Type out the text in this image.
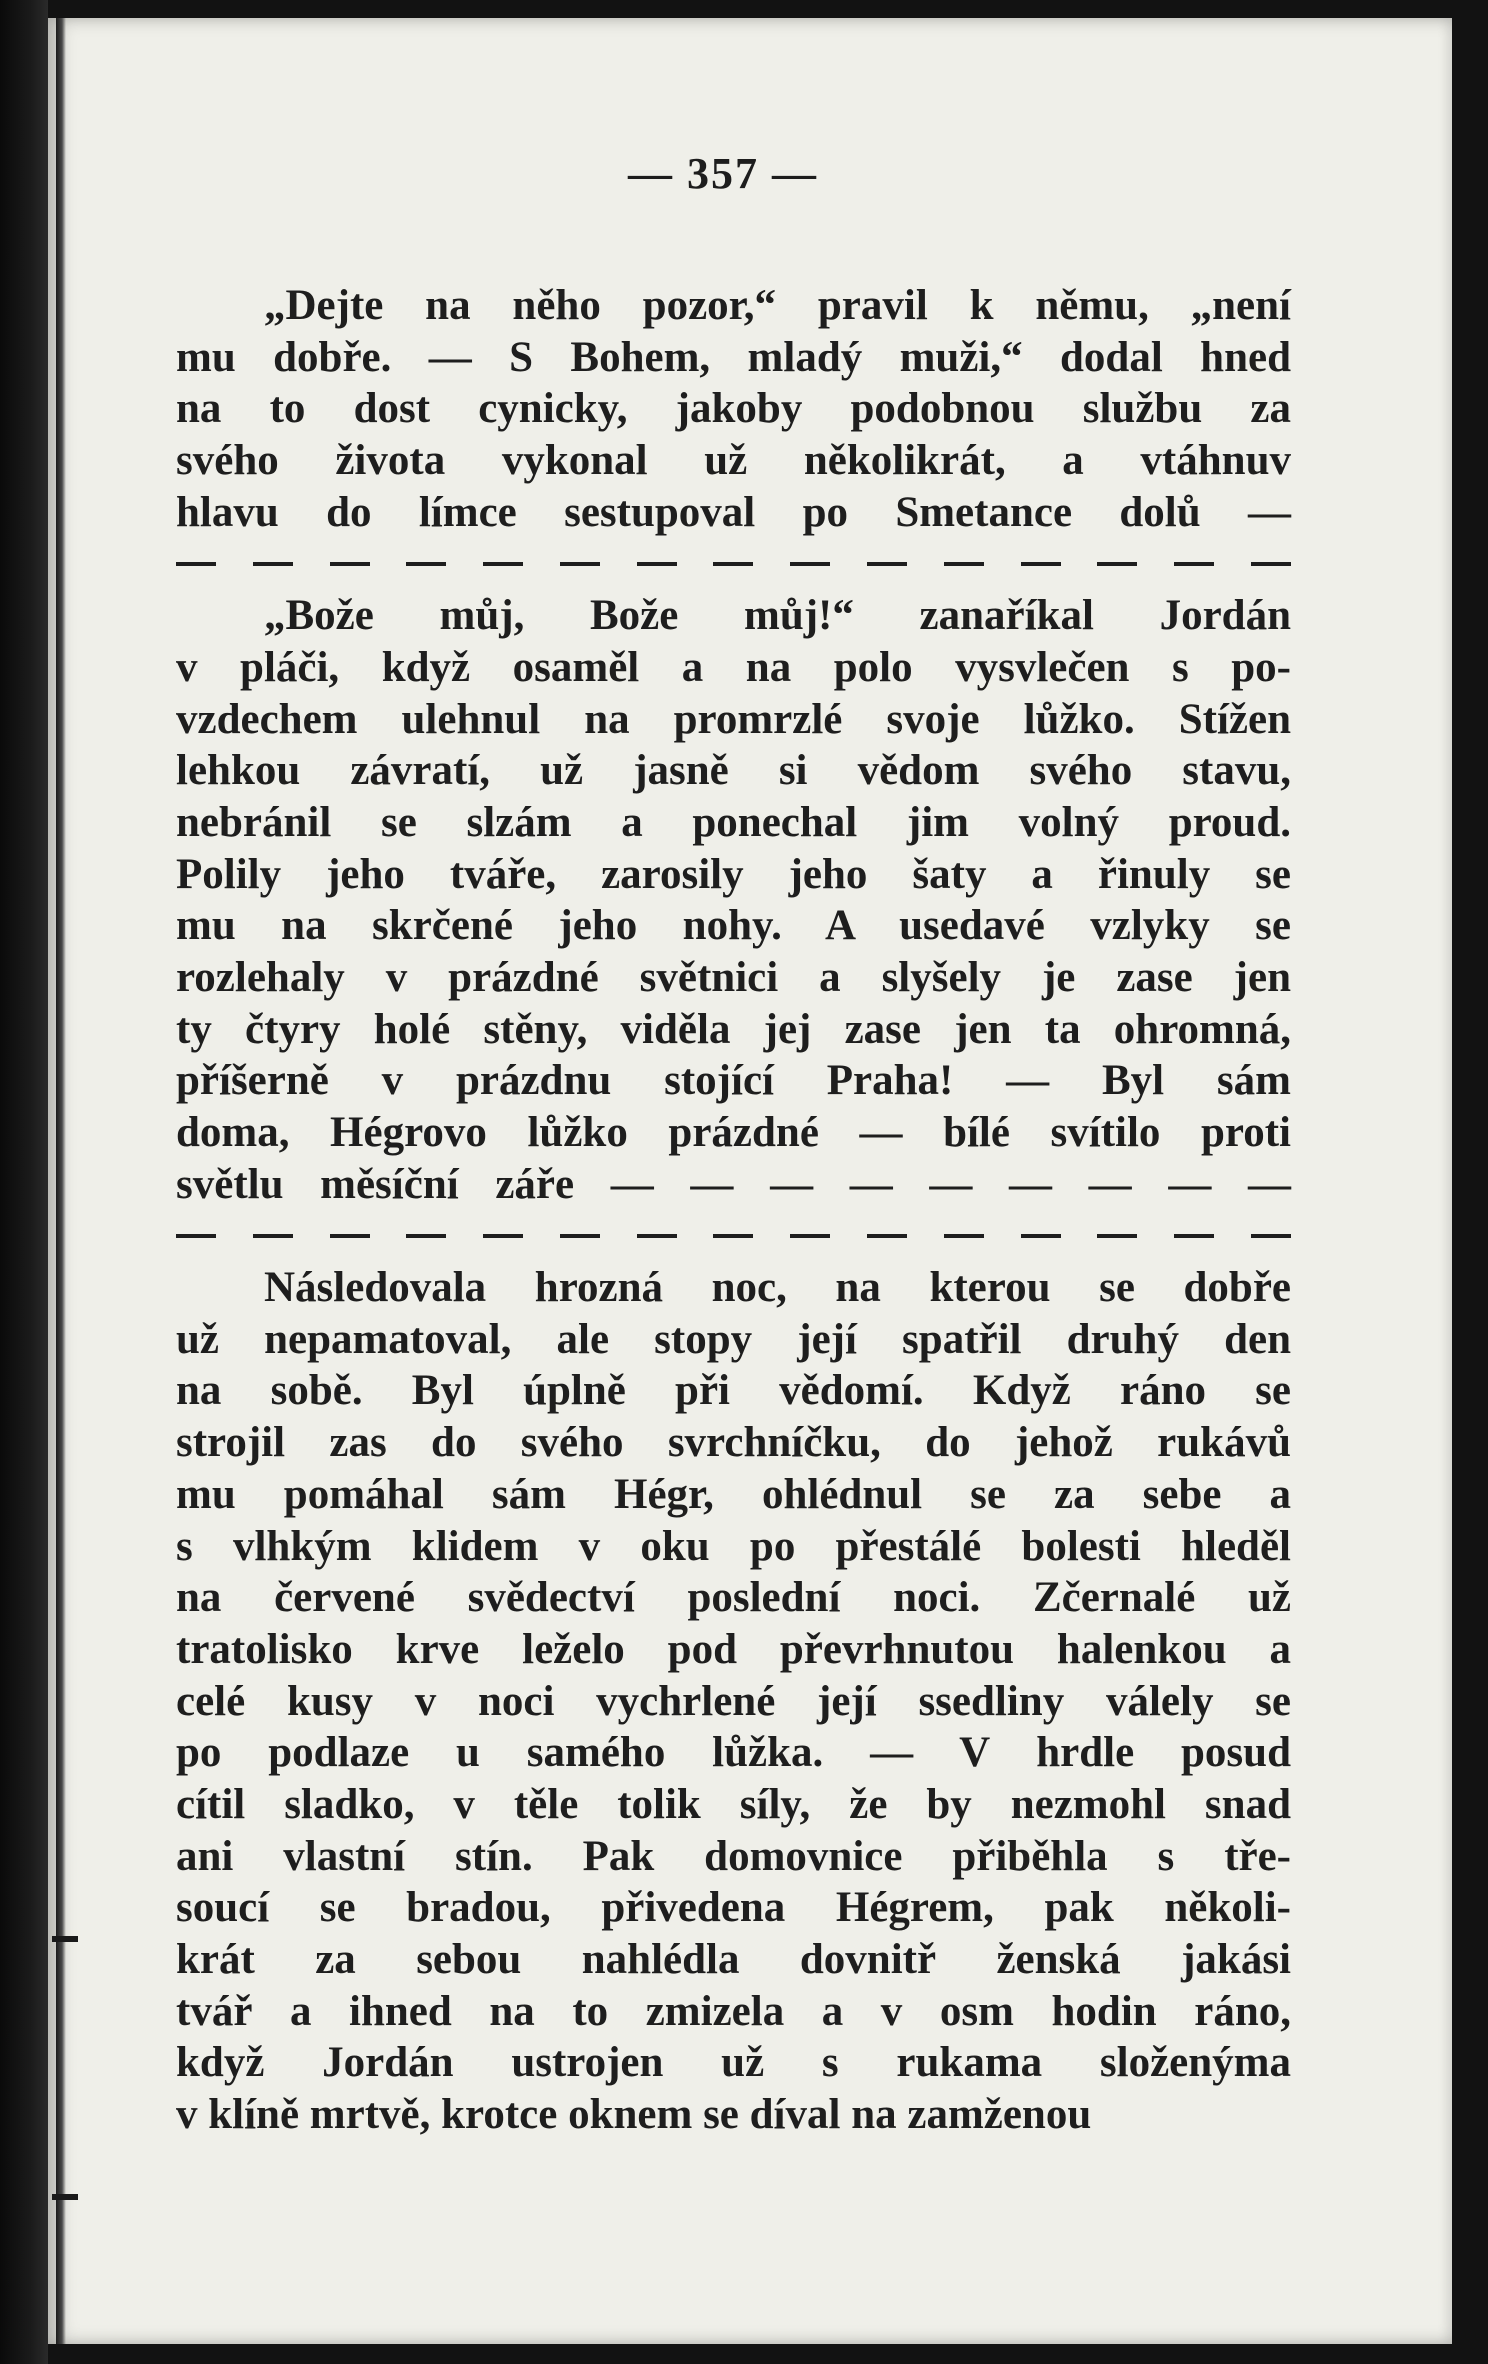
— 357 —
„Dejte na něho pozor,“ pravil k němu, „není
mu dobře. — S Bohem, mladý muži,“ dodal hned
na to dost cynicky, jakoby podobnou službu za
svého života vykonal už několikrát, a vtáhnuv
hlavu do límce sestupoval po Smetance dolů —
„Bože můj, Bože můj!“ zanaříkal Jordán
v pláči, když osaměl a na polo vysvlečen s po-
vzdechem ulehnul na promrzlé svoje lůžko. Stížen
lehkou závratí, už jasně si vědom svého stavu,
nebránil se slzám a ponechal jim volný proud.
Polily jeho tváře, zarosily jeho šaty a řinuly se
mu na skrčené jeho nohy. A usedavé vzlyky se
rozlehaly v prázdné světnici a slyšely je zase jen
ty čtyry holé stěny, viděla jej zase jen ta ohromná,
příšerně v prázdnu stojící Praha! — Byl sám
doma, Hégrovo lůžko prázdné — bílé svítilo proti
světlu měsíční záře — — — — — — — — —
Následovala hrozná noc, na kterou se dobře
už nepamatoval, ale stopy její spatřil druhý den
na sobě. Byl úplně při vědomí. Když ráno se
strojil zas do svého svrchníčku, do jehož rukávů
mu pomáhal sám Hégr, ohlédnul se za sebe a
s vlhkým klidem v oku po přestálé bolesti hleděl
na červené svědectví poslední noci. Zčernalé už
tratolisko krve leželo pod převrhnutou halenkou a
celé kusy v noci vychrlené její ssedliny válely se
po podlaze u samého lůžka. — V hrdle posud
cítil sladko, v těle tolik síly, že by nezmohl snad
ani vlastní stín. Pak domovnice přiběhla s tře-
soucí se bradou, přivedena Hégrem, pak několi-
krát za sebou nahlédla dovnitř ženská jakási
tvář a ihned na to zmizela a v osm hodin ráno,
když Jordán ustrojen už s rukama složenýma
v klíně mrtvě, krotce oknem se díval na zamženou
